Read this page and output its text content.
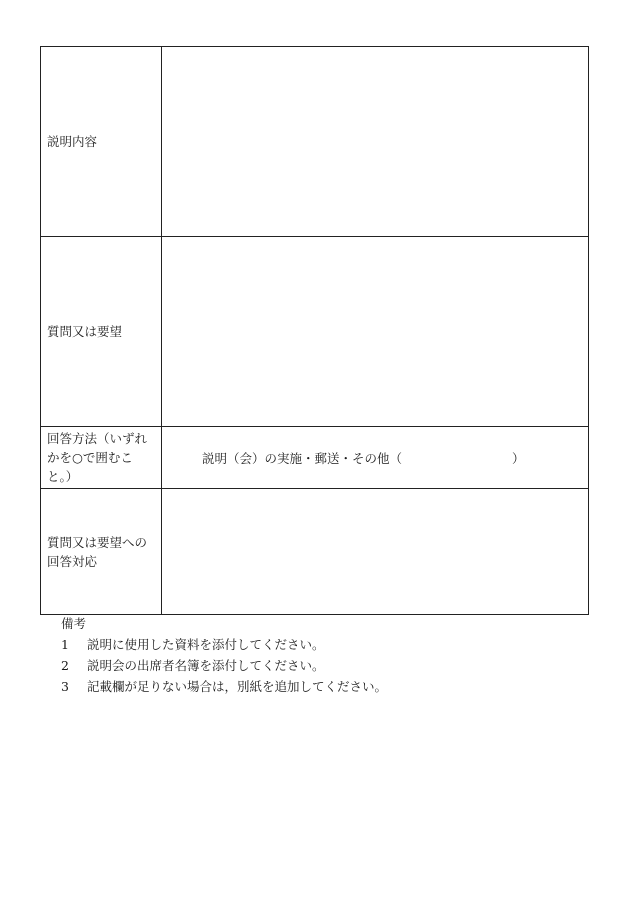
説明内容	
質問又は要望	
回答方法（いずれかを○で囲むこと。）	説明（会）の実施・郵送・その他（ ）

質問又は要望への回答対応	
備考
1	説明に使用した資料を添付してください。
2	説明会の出席者名簿を添付してください。
3	記載欄が足りない場合は，別紙を追加してください。
